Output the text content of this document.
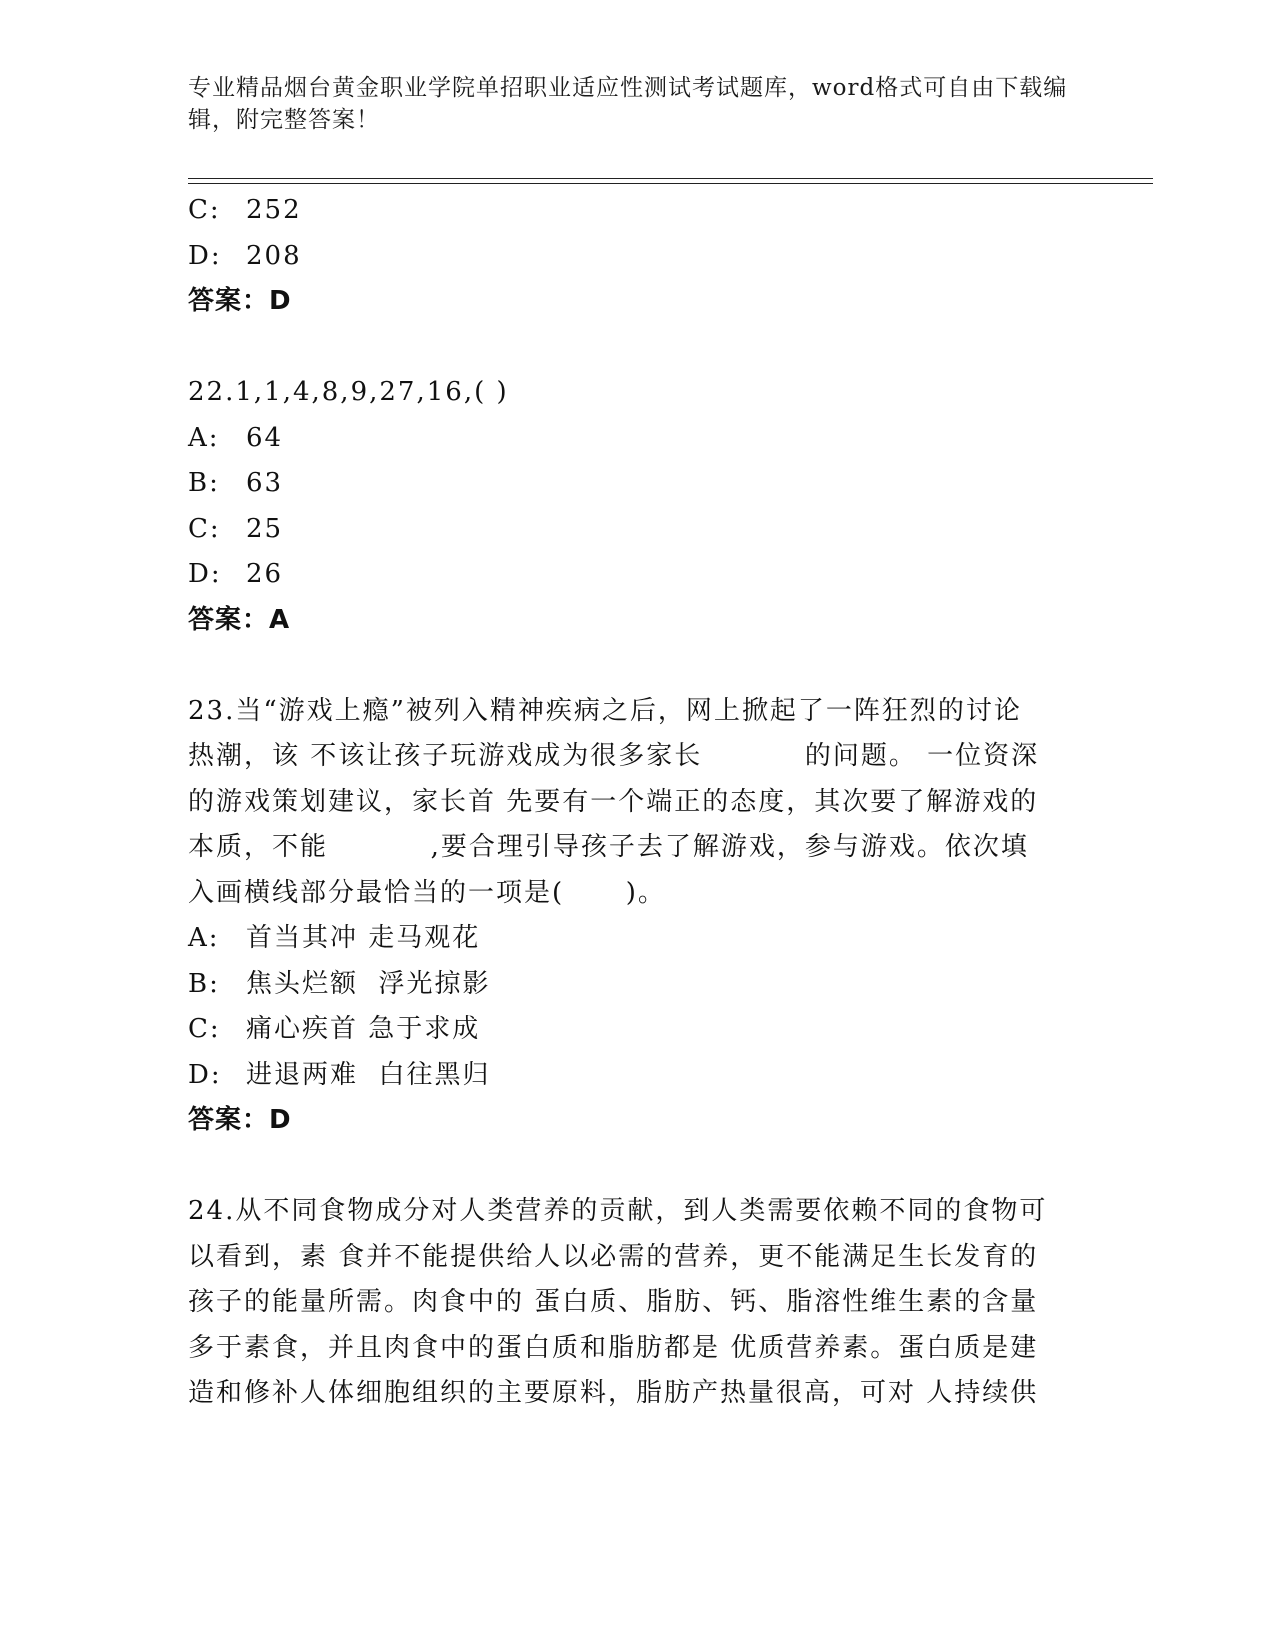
专业精品烟台黄金职业学院单招职业适应性测试考试题库，word格式可自由下载编辑，附完整答案！
C: 252
D: 208
答案：D
22.1,1,4,8,9,27,16,( )
A: 64
B: 63
C: 25
D: 26
答案：A
23.当“游戏上瘾”被列入精神疾病之后，网上掀起了一阵狂烈的讨论
热潮，该 不该让孩子玩游戏成为很多家长          的问题。 一位资深
的游戏策划建议，家长首 先要有一个端正的态度，其次要了解游戏的
本质，不能          ,要合理引导孩子去了解游戏，参与游戏。依次填
入画横线部分最恰当的一项是(      )。
A: 首当其冲 走马观花
B: 焦头烂额  浮光掠影
C: 痛心疾首 急于求成
D: 进退两难  白往黑归
答案：D
24.从不同食物成分对人类营养的贡献，到人类需要依赖不同的食物可
以看到，素 食并不能提供给人以必需的营养，更不能满足生长发育的
孩子的能量所需。肉食中的 蛋白质、脂肪、钙、脂溶性维生素的含量
多于素食，并且肉食中的蛋白质和脂肪都是 优质营养素。蛋白质是建
造和修补人体细胞组织的主要原料，脂肪产热量很高，可对 人持续供
